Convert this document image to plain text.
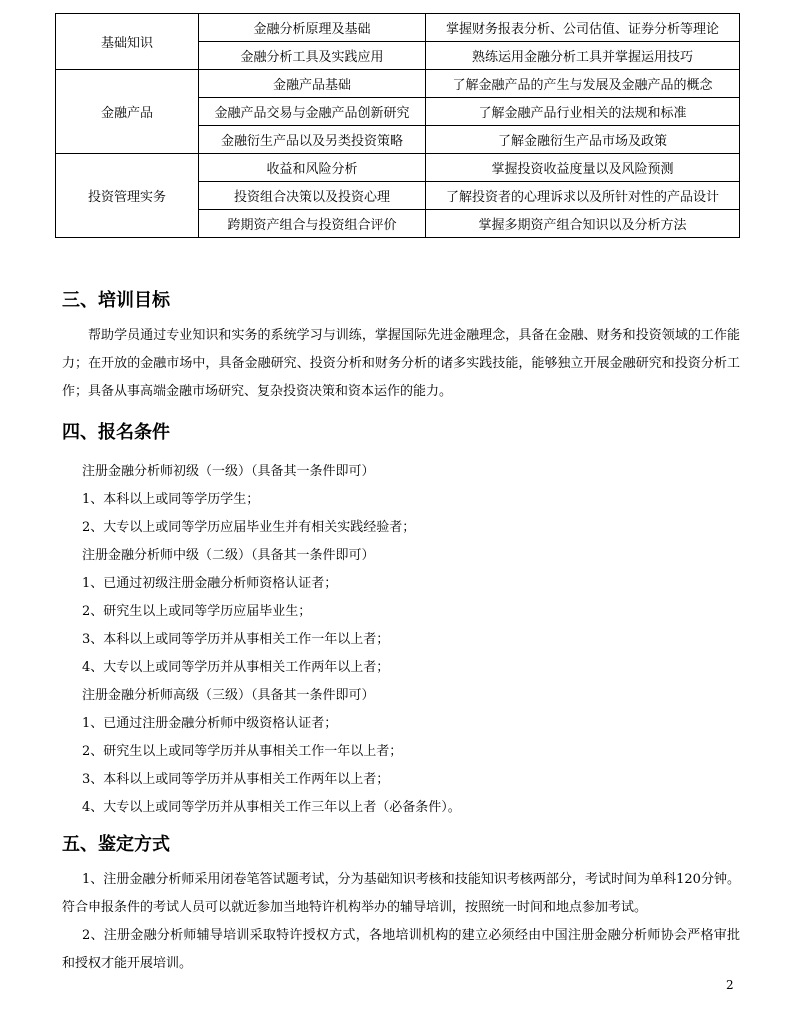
基础知识	金融分析原理及基础	掌握财务报表分析、公司估值、证券分析等理论
	金融分析工具及实践应用	熟练运用金融分析工具并掌握运用技巧
金融产品	金融产品基础	了解金融产品的产生与发展及金融产品的概念
	金融产品交易与金融产品创新研究	了解金融产品行业相关的法规和标准
	金融衍生产品以及另类投资策略	了解金融衍生产品市场及政策
投资管理实务	收益和风险分析	掌握投资收益度量以及风险预测
	投资组合决策以及投资心理	了解投资者的心理诉求以及所针对性的产品设计
	跨期资产组合与投资组合评价	掌握多期资产组合知识以及分析方法
三、培训目标

帮助学员通过专业知识和实务的系统学习与训练，掌握国际先进金融理念，具备在金融、财务和投资领域的工作能力；在开放的金融市场中，具备金融研究、投资分析和财务分析的诸多实践技能，能够独立开展金融研究和投资分析工作；具备从事高端金融市场研究、复杂投资决策和资本运作的能力。

四、报名条件

注册金融分析师初级（一级）（具备其一条件即可）

1、本科以上或同等学历学生；

2、大专以上或同等学历应届毕业生并有相关实践经验者；

注册金融分析师中级（二级）（具备其一条件即可）

1、已通过初级注册金融分析师资格认证者；

2、研究生以上或同等学历应届毕业生；

3、本科以上或同等学历并从事相关工作一年以上者；

4、大专以上或同等学历并从事相关工作两年以上者；

注册金融分析师高级（三级）（具备其一条件即可）

1、已通过注册金融分析师中级资格认证者；

2、研究生以上或同等学历并从事相关工作一年以上者；

3、本科以上或同等学历并从事相关工作两年以上者；

4、大专以上或同等学历并从事相关工作三年以上者（必备条件）。

五、鉴定方式

1、注册金融分析师采用闭卷笔答试题考试，分为基础知识考核和技能知识考核两部分，考试时间为单科120分钟。符合申报条件的考试人员可以就近参加当地特许机构举办的辅导培训，按照统一时间和地点参加考试。

2、注册金融分析师辅导培训采取特许授权方式，各地培训机构的建立必须经由中国注册金融分析师协会严格审批和授权才能开展培训。

2
